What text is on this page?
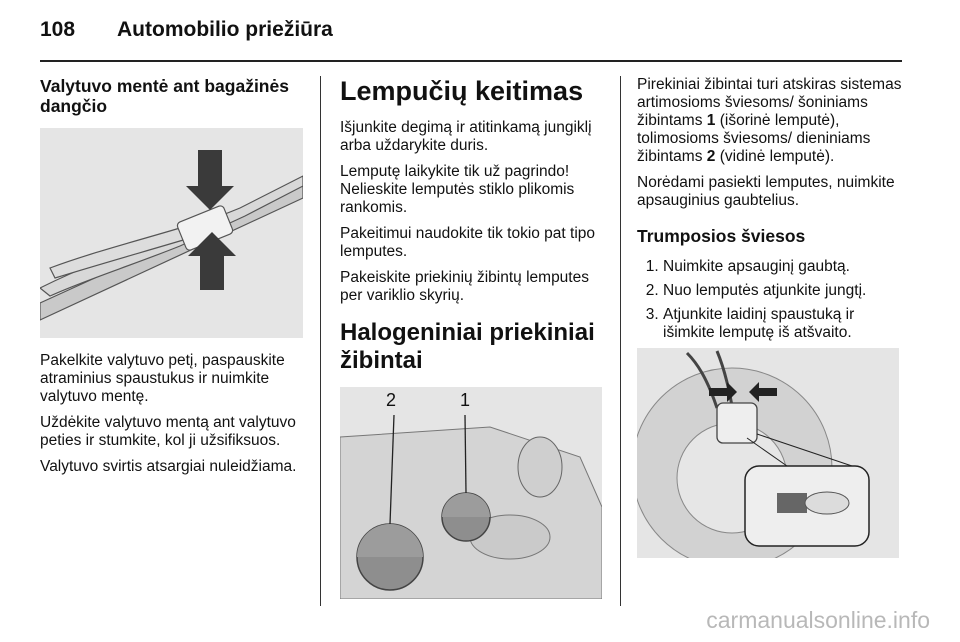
108 Automobilio priežiūra
Valytuvo mentė ant bagažinės dangčio

Pakelkite valytuvo petį, paspauskite atraminius spaustukus ir nuimkite valytuvo mentę.

Uždėkite valytuvo mentą ant valytuvo peties ir stumkite, kol ji užsifiksuos.

Valytuvo svirtis atsargiai nuleidžiama.

Lempučių keitimas

Išjunkite degimą ir atitinkamą jungiklį arba uždarykite duris.

Lemputę laikykite tik už pagrindo! Nelieskite lemputės stiklo plikomis rankomis.

Pakeitimui naudokite tik tokio pat tipo lemputes.

Pakeiskite priekinių žibintų lemputes per variklio skyrių.

Halogeniniai priekiniai žibintai
2	1

Pirekiniai žibintai turi atskiras sistemas artimosioms šviesoms/ šoniniams žibintams 1 (išorinė lemputė), tolimosioms šviesoms/ dieniniams žibintams 2 (vidinė lemputė).

Norėdami pasiekti lemputes, nuimkite apsauginius gaubtelius.

Trumposios šviesos
1. Nuimkite apsauginį gaubtą.
2. Nuo lemputės atjunkite jungtį.
3. Atjunkite laidinį spaustuką ir išimkite lemputę iš atšvaito.
carmanualsonline.info
